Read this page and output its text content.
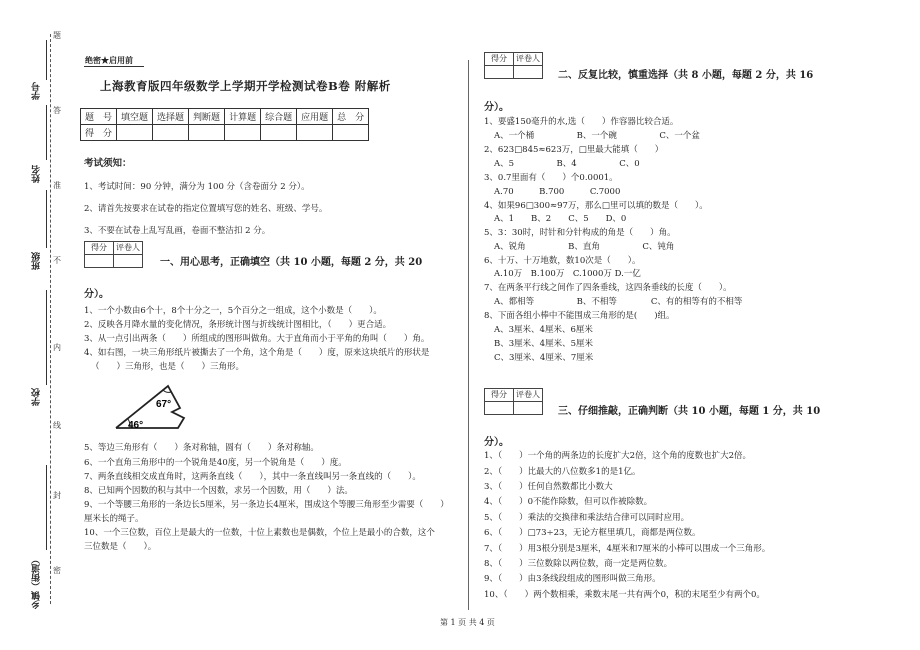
学号
姓名
班级
学校
乡镇（街道）
题
答
准
不
内
线
封
密
绝密★启用前
上海教育版四年级数学上学期开学检测试卷B卷 附解析
题　号	填空题	选择题	判断题	计算题	综合题	应用题	总　分
得　分							
考试须知：
1、考试时间：90 分钟，满分为 100 分（含卷面分 2 分）。
2、请首先按要求在试卷的指定位置填写您的姓名、班级、学号。
3、不要在试卷上乱写乱画，卷面不整洁扣 2 分。
得分	评卷人
一、用心思考，正确填空（共 10 小题，每题 2 分，共 20
分）。
1、一个小数由6个十，8个十分之一，5个百分之一组成，这个小数是（　　）。
2、反映各月降水量的变化情况，条形统计图与折线统计图相比，（　　）更合适。
3、从一点引出两条（　　）所组成的图形叫做角。大于直角而小于平角的角叫（　　）角。
4、如右图，一块三角形纸片被撕去了一个角，这个角是（　　）度，原来这块纸片的形状是
（　　）三角形，也是（　　）三角形。
67°
46°
5、等边三角形有（　　）条对称轴，圆有（　　）条对称轴。
6、一个直角三角形中的一个锐角是40度，另一个锐角是（　　）度。
7、两条直线相交成直角时，这两条直线（　　），其中一条直线叫另一条直线的（　　）。
8、已知两个因数的积与其中一个因数，求另一个因数，用（　　）法。
9、一个等腰三角形的一条边长5厘米，另一条边长4厘米，围成这个等腰三角形至少需要（　　）
厘米长的绳子。
10、一个三位数，百位上是最大的一位数，十位上素数也是偶数，个位上是最小的合数，这个
三位数是（　　）。
得分	评卷人
二、反复比较，慎重选择（共 8 小题，每题 2 分，共 16
分）。
1、要盛150毫升的水,选（　　）作容器比较合适。
A、一个桶　　　　　B、一个碗　　　　　C、一个盆
2、623□845≈623万，□里最大能填（　　）
A、5　　　　　B、4　　　　　C、0
3、0.7里面有（　　）个0.0001。
A.70　　　B.700　　　C.7000
4、如果96□300≈97万，那么□里可以填的数是（　　）。
A、1　　B、2　　C、5　　D、0
5、3：30时，时针和分针构成的角是（　　）角。
A、锐角　　　　　B、直角　　　　　C、钝角
6、十万、十万地数，数10次是（　　）。
A.10万　B.100万　C.1000万 D.一亿
7、在两条平行线之间作了四条垂线，这四条垂线的长度（　　）。
A、都相等　　　　　B、不相等　　　　C、有的相等有的不相等
8、下面各组小棒中不能围成三角形的是(　　)组。
A、3厘米、4厘米、6厘米
B、3厘米、4厘米、5厘米
C、3厘米、4厘米、7厘米
得分	评卷人
三、仔细推敲，正确判断（共 10 小题，每题 1 分，共 10
分）。
1、（　　）一个角的两条边的长度扩大2倍，这个角的度数也扩大2倍。
2、（　　）比最大的八位数多1的是1亿。
3、（　　）任何自然数都比小数大
4、（　　）0不能作除数，但可以作被除数。
5、（　　）乘法的交换律和乘法结合律可以同时应用。
6、（　　）□73÷23，无论方框里填几，商都是两位数。
7、（　　）用3根分别是3厘米，4厘米和7厘米的小棒可以围成一个三角形。
8、（　　）三位数除以两位数，商一定是两位数。
9、（　　）由3条线段组成的图形叫做三角形。
10、（　　）两个数相乘，乘数末尾一共有两个0，积的末尾至少有两个0。
第 1 页 共 4 页
